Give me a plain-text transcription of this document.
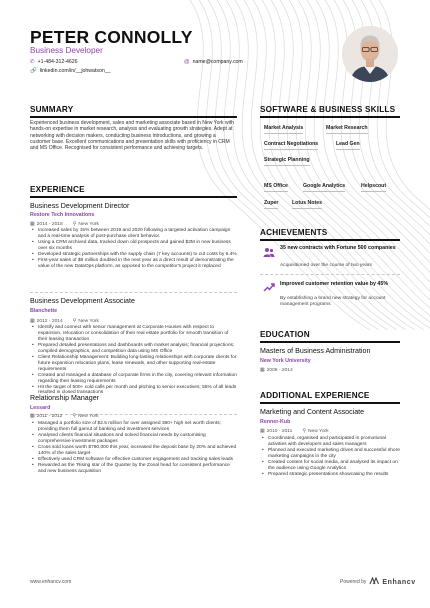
PETER CONNOLLY
Business Developer
✆ +1-484-312-4626	@ name@company.com
🔗 linkedin.com/in/__johwatson__
SUMMARY
Experienced business development, sales and marketing associate based in New York with hands-on expertise in market research, analysis and evaluating growth strategies. Adept at networking with decision makers, conducting business introductions, and growing a customer base. Excellent communications and presentation skills with proficiency in CRM and MS Office. Recognised for consistent performance and achieving targets.
EXPERIENCE
Business Development Director
Restore Tech Innovations
▦ 2014 - 2018 ⚲ New York
• Increased sales by 15% between 2019 and 2020 following a targeted activation campaign and a real-time analysis of post-purchase client behavior.
• Using a CRM archived data, tracked down old prospects and gained $2M in new business over six months
• Developed strategic partnerships with the supply chain (7 key accounts) to cut costs by 6.4%
• First-year sales of $8 million doubled in the next year as a direct result of demonstrating the value of the new DataOps platform, as opposed to the competitor's project it replaced
Business Development Associate
Blanchette
▦ 2012 - 2014 ⚲ New York
• Identify and connect with senior management at Corporate Houses with respect to expansion, relocation or consolidation of their real estate portfolio for smooth transition of their leasing transaction
• Prepared detailed presentations and dashboards with market analysis; financial projections; compiled demographics, and competition data using MS Office
• Client Relationship Management: Building long-lasting relationships with corporate clients for future expansion relocation plans, lease renewals, and other supporting real-estate requirements
• Created and managed a database of corporate firms in the city, covering relevant information regarding their leasing requirements
• Hit the target of 500+ cold calls per month and pitching to senior executives; 55% of all leads resulted in closed transactions
Relationship Manager
Lessard
▦ 2011 - 2012 ⚲ New York
• Managed a portfolio size of $2.5 million for over assigned 380+ high net worth clients; providing them full gamut of banking and investment services
• Analysed clients financial situations and solved financial needs by customising comprehensive investment packages
• Cross sold loans worth $780,000 this year, increased the deposit base by 20% and achieved 140% of the sales target
• Effectively used CRM software for effective customer engagement and tracking sales leads
• Rewarded as the 'Rising star of the Quarter by the Zonal head for consistent performance and new business acquisition
SOFTWARE & BUSINESS SKILLS
Market Analysis	Market Research
Contract Negotiations	Lead Gen
Strategic Planning
MS Office	Google Analytics	Helpscout
Zuper	Lotus Notes
ACHIEVEMENTS
35 new contracts with Fortune 500 companies
Acquisitioned over the course of two years
Improved customer retention value by 45%
By establishing a brand new strategy for account management programs
EDUCATION
Masters of Business Administration
New York University
▦ 2008 - 2014
ADDITIONAL EXPERIENCE
Marketing and Content Associate
Renner-Kub
▦ 2010 - 2011 ⚲ New York
• Coordinated, organised and participated in promotional activities with developers and sales managers
• Planned and executed marketing drives and successful shore marketing campaigns in the city
• Created content for social media, and analysed its impact on the audience using Google Analytics
• Prepared strategic presentations showcasing the results
www.enhancv.com	Powered by Enhancv
